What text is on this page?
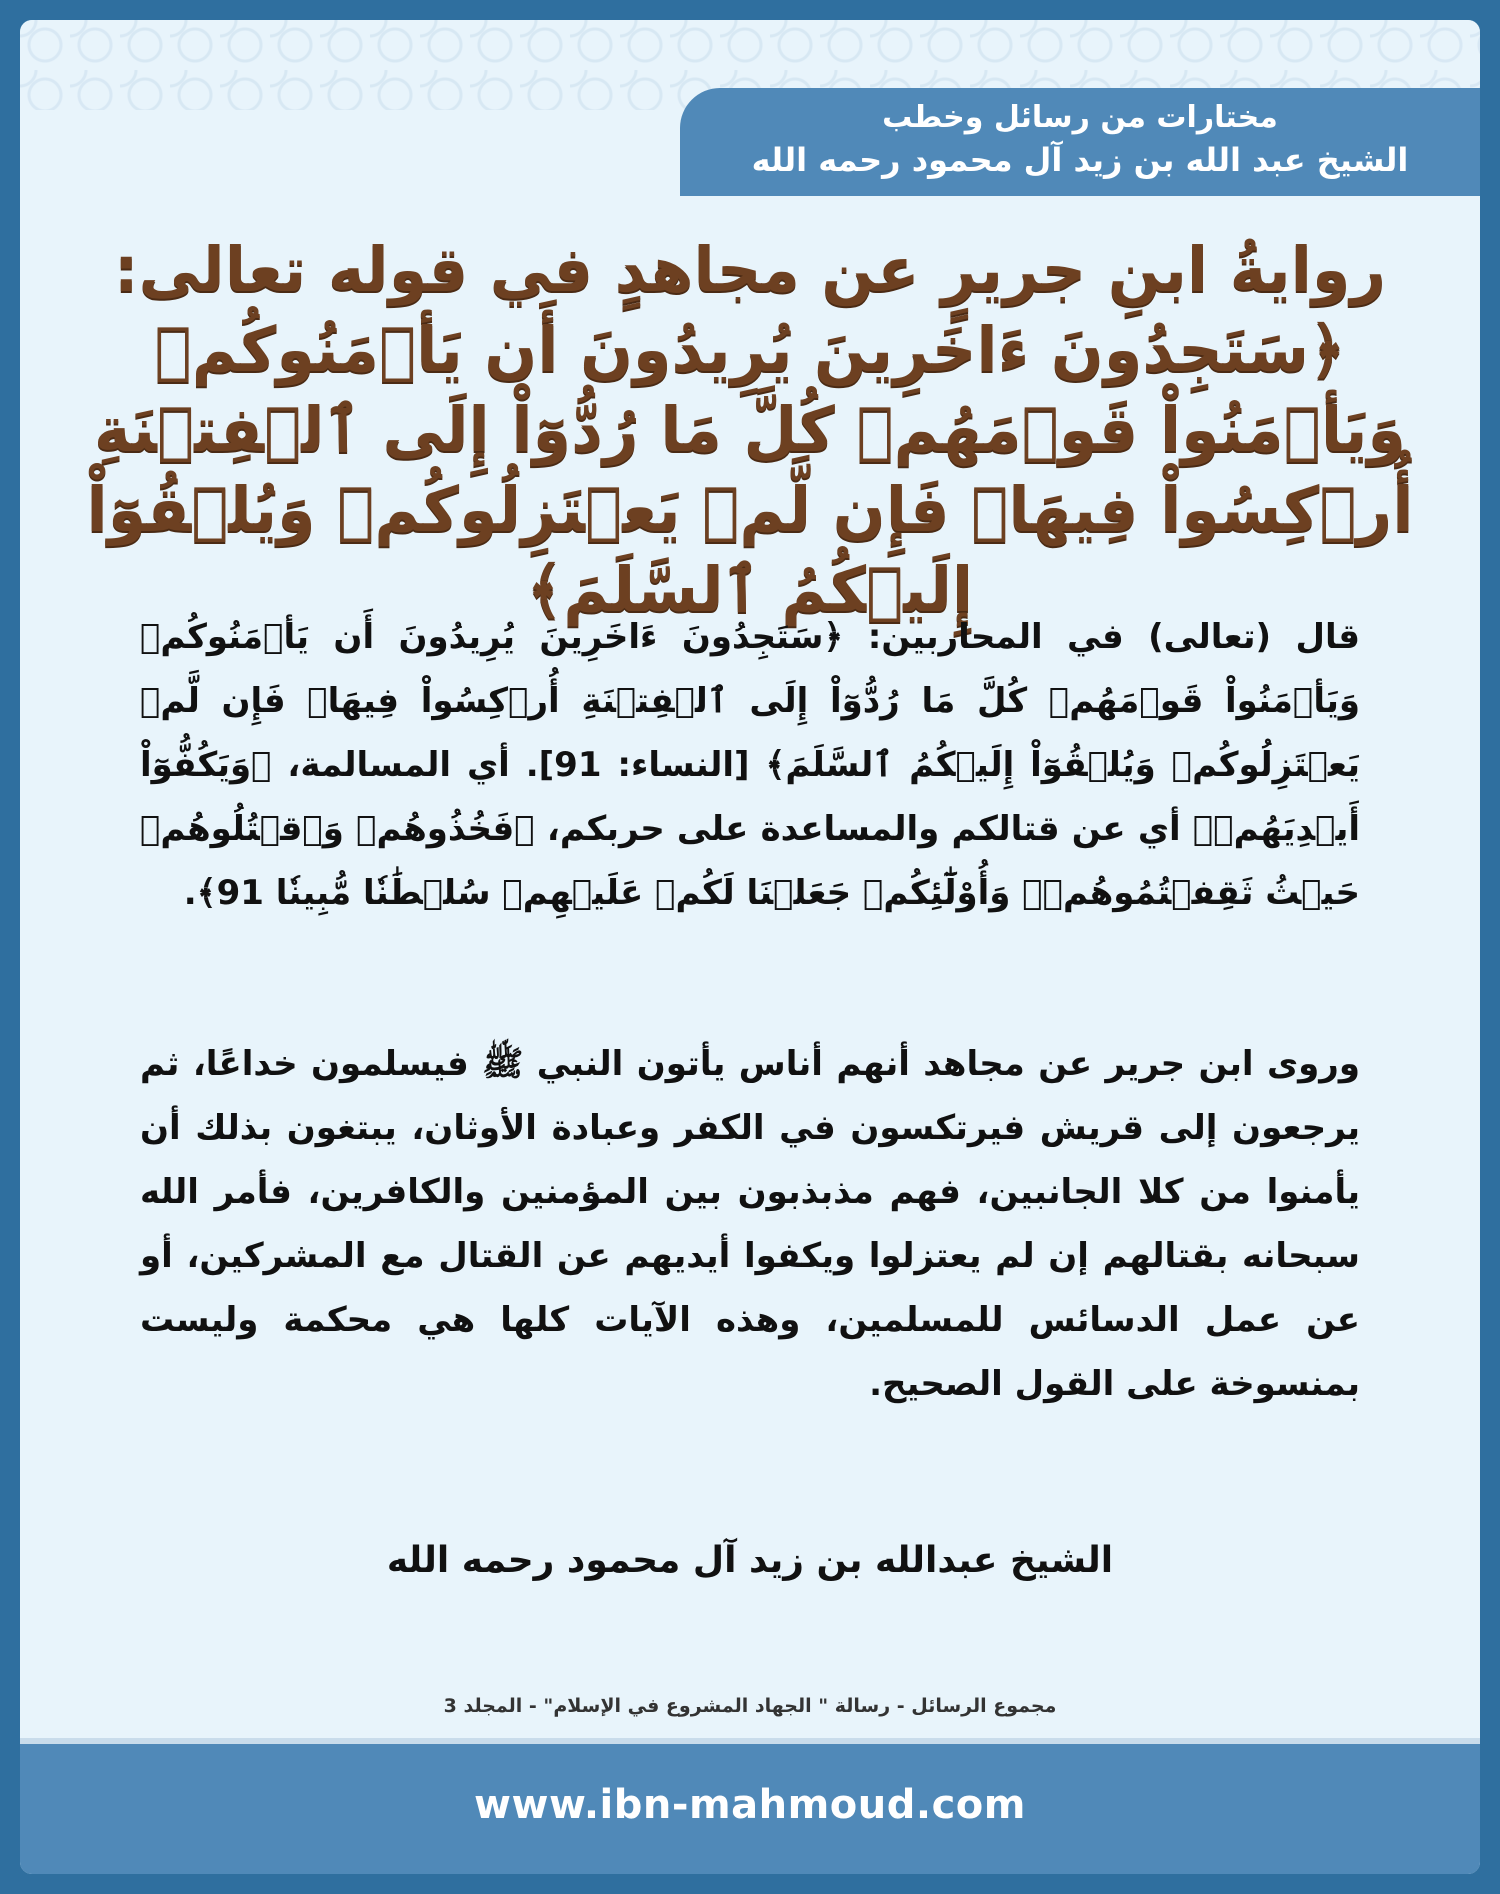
مختارات من رسائل وخطب
الشيخ عبد الله بن زيد آل محمود رحمه الله
روايةُ ابنِ جريرٍ عن مجاهدٍ في قوله تعالى: ﴿سَتَجِدُونَ ءَاخَرِينَ يُرِيدُونَ أَن يَأۡمَنُوكُمۡ وَيَأۡمَنُواْ قَوۡمَهُمۡ كُلَّ مَا رُدُّوٓاْ إِلَى ٱلۡفِتۡنَةِ أُرۡكِسُواْ فِيهَاۚ فَإِن لَّمۡ يَعۡتَزِلُوكُمۡ وَيُلۡقُوٓاْ إِلَيۡكُمُ ٱلسَّلَمَ﴾
قال (تعالى) في المحاربين: ﴿سَتَجِدُونَ ءَاخَرِينَ يُرِيدُونَ أَن يَأۡمَنُوكُمۡ وَيَأۡمَنُواْ قَوۡمَهُمۡ كُلَّ مَا رُدُّوٓاْ إِلَى ٱلۡفِتۡنَةِ أُرۡكِسُواْ فِيهَاۚ فَإِن لَّمۡ يَعۡتَزِلُوكُمۡ وَيُلۡقُوٓاْ إِلَيۡكُمُ ٱلسَّلَمَ﴾ [النساء: 91]. أي المسالمة، ﴿وَيَكُفُّوٓاْ أَيۡدِيَهُمۡ﴾ أي عن قتالكم والمساعدة على حربكم، ﴿فَخُذُوهُمۡ وَٱقۡتُلُوهُمۡ حَيۡثُ ثَقِفۡتُمُوهُمۡۚ وَأُوْلَٰٓئِكُمۡ جَعَلۡنَا لَكُمۡ عَلَيۡهِمۡ سُلۡطَٰنٗا مُّبِينٗا 91﴾.
وروى ابن جرير عن مجاهد أنهم أناس يأتون النبي ﷺ فيسلمون خداعًا، ثم يرجعون إلى قريش فيرتكسون في الكفر وعبادة الأوثان، يبتغون بذلك أن يأمنوا من كلا الجانبين، فهم مذبذبون بين المؤمنين والكافرين، فأمر الله سبحانه بقتالهم إن لم يعتزلوا ويكفوا أيديهم عن القتال مع المشركين، أو عن عمل الدسائس للمسلمين، وهذه الآيات كلها هي محكمة وليست بمنسوخة على القول الصحيح.
الشيخ عبدالله بن زيد آل محمود رحمه الله
مجموع الرسائل - رسالة " الجهاد المشروع في الإسلام" - المجلد 3
www.ibn-mahmoud.com
